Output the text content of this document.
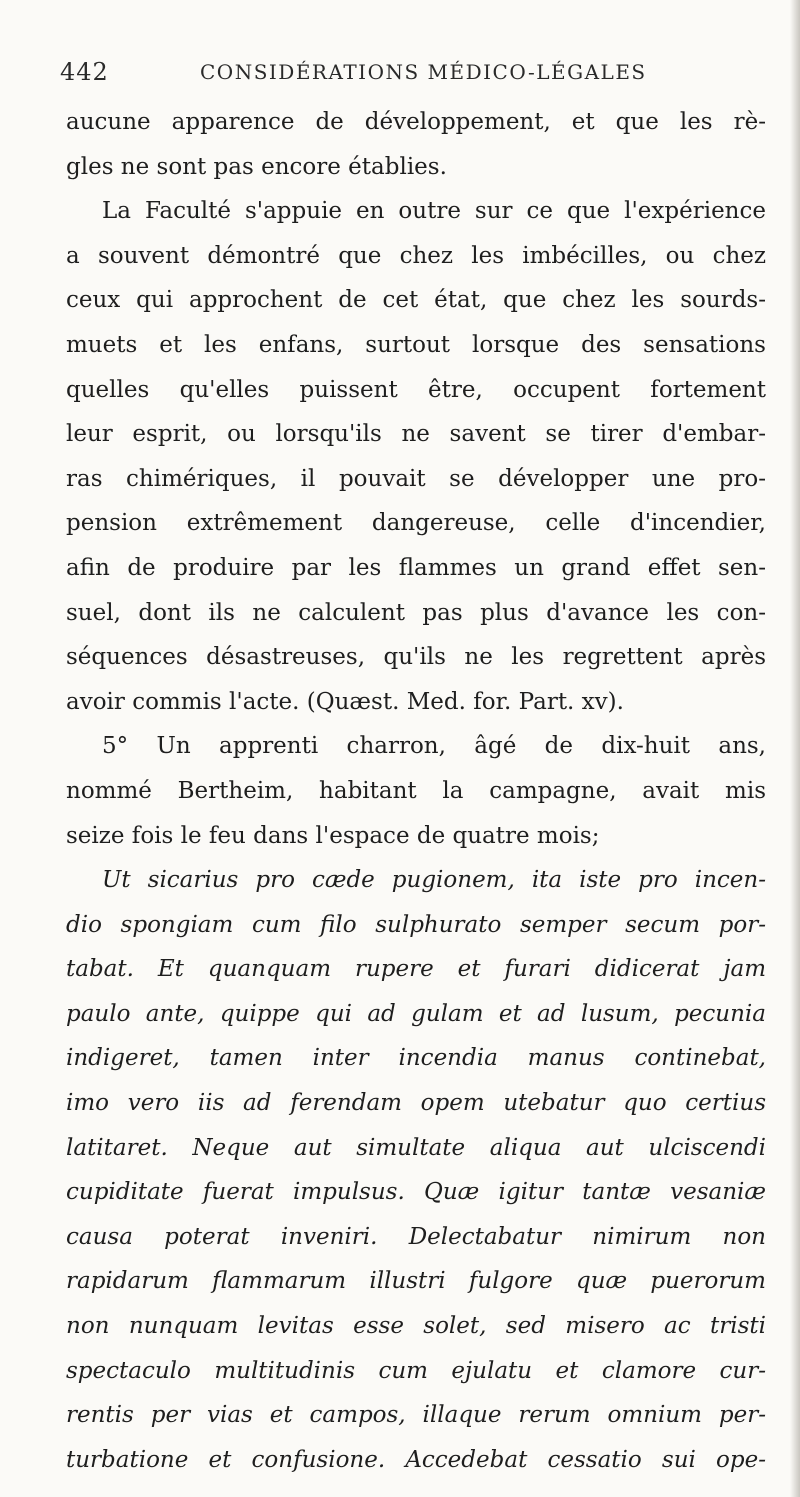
442	CONSIDÉRATIONS MÉDICO-LÉGALES
aucune apparence de développement, et que les rè-
gles ne sont pas encore établies.
La Faculté s'appuie en outre sur ce que l'expérience
a souvent démontré que chez les imbécilles, ou chez
ceux qui approchent de cet état, que chez les sourds-
muets et les enfans, surtout lorsque des sensations
quelles qu'elles puissent être, occupent fortement
leur esprit, ou lorsqu'ils ne savent se tirer d'embar-
ras chimériques, il pouvait se développer une pro-
pension extrêmement dangereuse, celle d'incendier,
afin de produire par les flammes un grand effet sen-
suel, dont ils ne calculent pas plus d'avance les con-
séquences désastreuses, qu'ils ne les regrettent après
avoir commis l'acte. (Quæst. Med. for. Part. xv).
5° Un apprenti charron, âgé de dix-huit ans,
nommé Bertheim, habitant la campagne, avait mis
seize fois le feu dans l'espace de quatre mois;
Ut sicarius pro cæde pugionem, ita iste pro incen-
dio spongiam cum filo sulphurato semper secum por-
tabat. Et quanquam rupere et furari didicerat jam
paulo ante, quippe qui ad gulam et ad lusum, pecunia
indigeret, tamen inter incendia manus continebat,
imo vero iis ad ferendam opem utebatur quo certius
latitaret. Neque aut simultate aliqua aut ulciscendi
cupiditate fuerat impulsus. Quæ igitur tantæ vesaniæ
causa poterat inveniri. Delectabatur nimirum non
rapidarum flammarum illustri fulgore quæ puerorum
non nunquam levitas esse solet, sed misero ac tristi
spectaculo multitudinis cum ejulatu et clamore cur-
rentis per vias et campos, illaque rerum omnium per-
turbatione et confusione. Accedebat cessatio sui ope-
